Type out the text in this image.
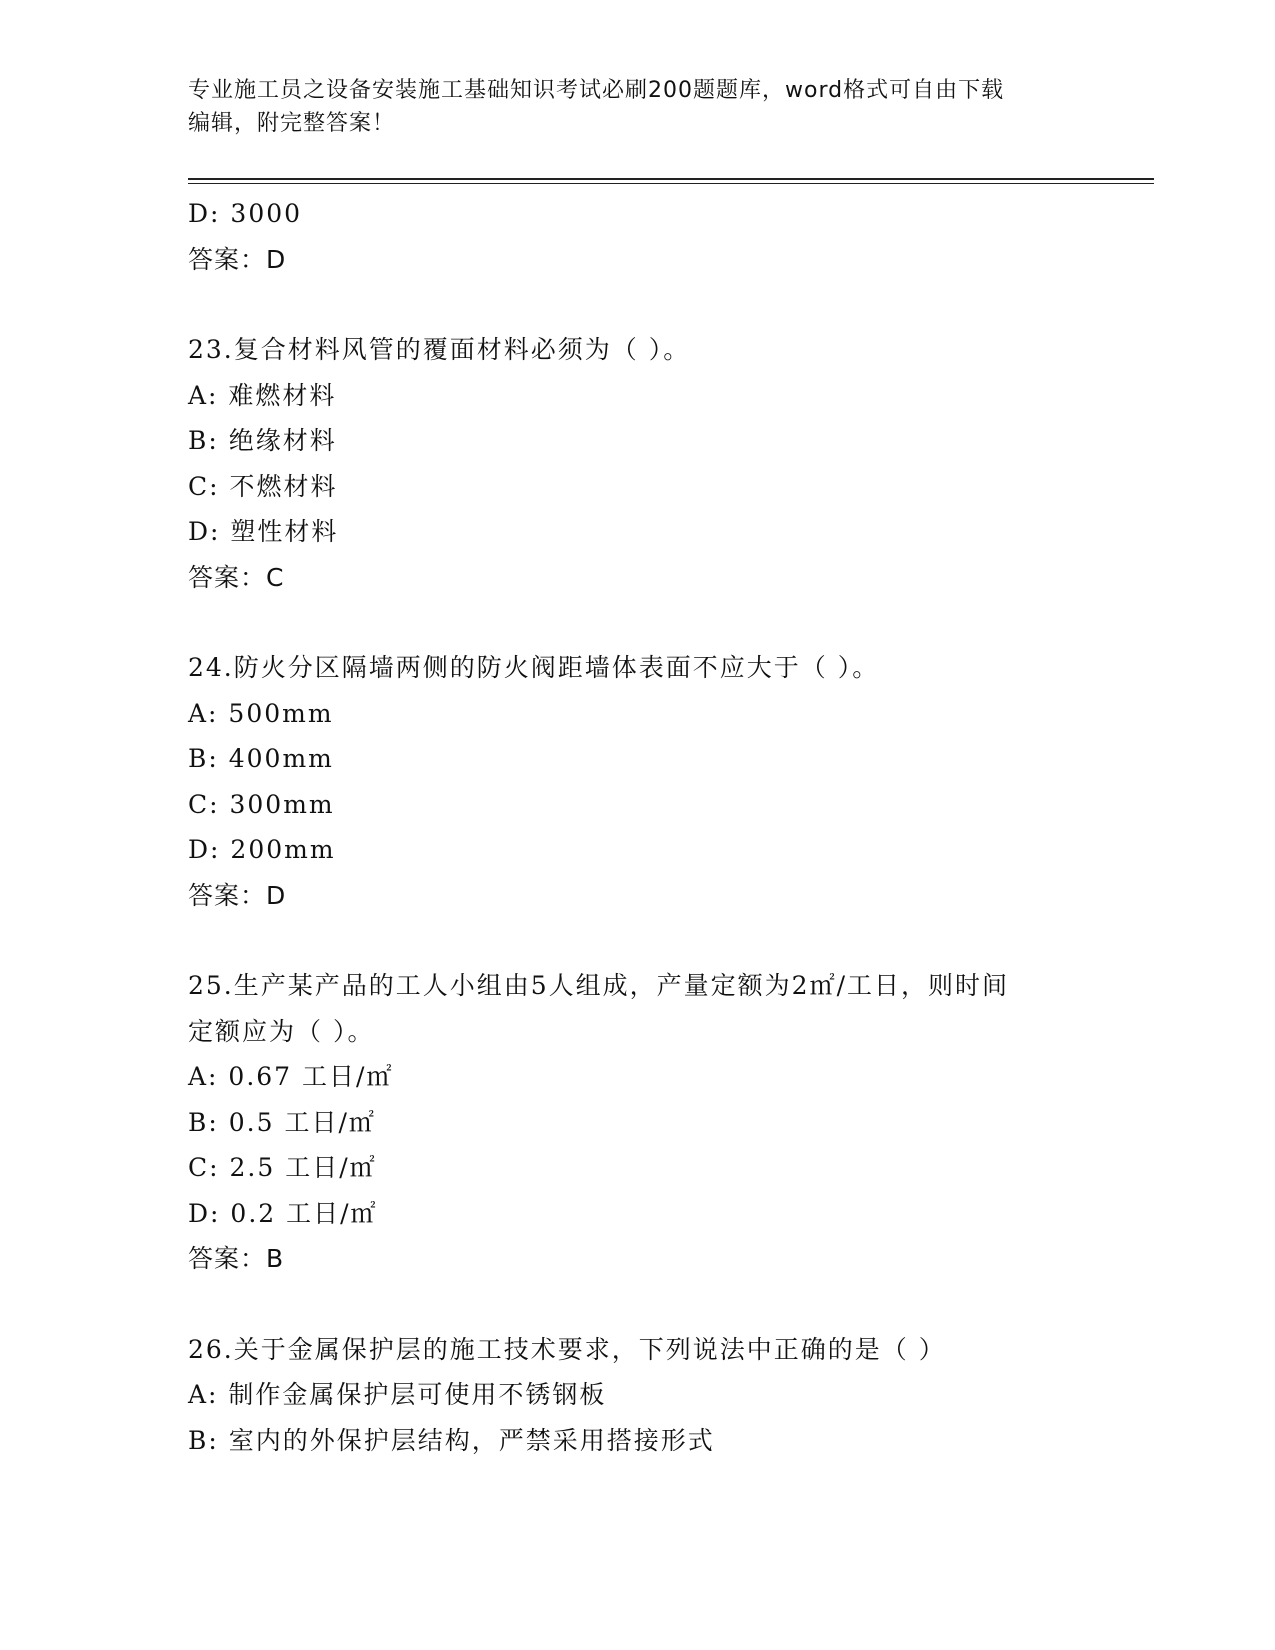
专业施工员之设备安装施工基础知识考试必刷200题题库，word格式可自由下载
编辑，附完整答案！
D: 3000
答案：D
23.复合材料风管的覆面材料必须为（ ）。
A: 难燃材料
B: 绝缘材料
C: 不燃材料
D: 塑性材料
答案：C
24.防火分区隔墙两侧的防火阀距墙体表面不应大于（ ）。
A: 500mm
B: 400mm
C: 300mm
D: 200mm
答案：D
25.生产某产品的工人小组由5人组成，产量定额为2㎡/工日，则时间
定额应为（ ）。
A: 0.67 工日/㎡
B: 0.5 工日/㎡
C: 2.5 工日/㎡
D: 0.2 工日/㎡
答案：B
26.关于金属保护层的施工技术要求，下列说法中正确的是（ ）
A: 制作金属保护层可使用不锈钢板
B: 室内的外保护层结构，严禁采用搭接形式
